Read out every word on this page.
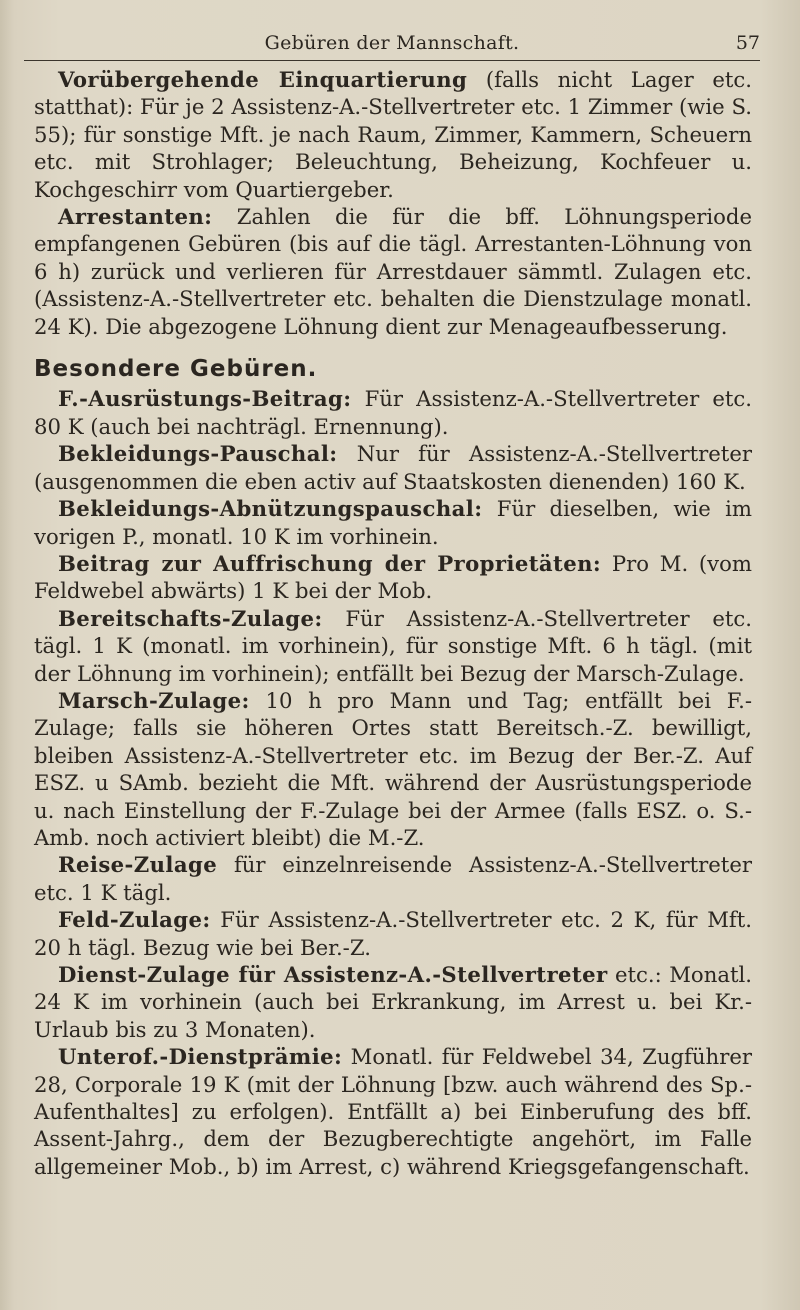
Gebüren der Mannschaft.	57

Vorübergehende Einquartierung (falls nicht Lager etc. statthat): Für je 2 Assistenz-A.-Stellvertreter etc. 1 Zimmer (wie S. 55); für sonstige Mft. je nach Raum, Zimmer, Kammern, Scheuern etc. mit Strohlager; Beleuchtung, Beheizung, Kochfeuer u. Kochgeschirr vom Quartiergeber.

Arrestanten: Zahlen die für die bff. Löhnungsperiode empfangenen Gebüren (bis auf die tägl. Arrestanten-Löhnung von 6 h) zurück und verlieren für Arrestdauer sämmtl. Zulagen etc. (Assistenz-A.-Stellvertreter etc. behalten die Dienstzulage monatl. 24 K). Die abgezogene Löhnung dient zur Menageaufbesserung.

Besondere Gebüren.

F.-Ausrüstungs-Beitrag: Für Assistenz-A.-Stellvertreter etc. 80 K (auch bei nachträgl. Ernennung).

Bekleidungs-Pauschal: Nur für Assistenz-A.-Stellvertreter (ausgenommen die eben activ auf Staatskosten dienenden) 160 K.

Bekleidungs-Abnützungspauschal: Für dieselben, wie im vorigen P., monatl. 10 K im vorhinein.

Beitrag zur Auffrischung der Proprietäten: Pro M. (vom Feldwebel abwärts) 1 K bei der Mob.

Bereitschafts-Zulage: Für Assistenz-A.-Stellvertreter etc. tägl. 1 K (monatl. im vorhinein), für sonstige Mft. 6 h tägl. (mit der Löhnung im vorhinein); entfällt bei Bezug der Marsch-Zulage.

Marsch-Zulage: 10 h pro Mann und Tag; entfällt bei F.-Zulage; falls sie höheren Ortes statt Bereitsch.-Z. bewilligt, bleiben Assistenz-A.-Stellvertreter etc. im Bezug der Ber.-Z. Auf ESZ. u SAmb. bezieht die Mft. während der Ausrüstungsperiode u. nach Einstellung der F.-Zulage bei der Armee (falls ESZ. o. S.-Amb. noch activiert bleibt) die M.-Z.

Reise-Zulage für einzelnreisende Assistenz-A.-Stellvertreter etc. 1 K tägl.

Feld-Zulage: Für Assistenz-A.-Stellvertreter etc. 2 K, für Mft. 20 h tägl. Bezug wie bei Ber.-Z.

Dienst-Zulage für Assistenz-A.-Stellvertreter etc.: Monatl. 24 K im vorhinein (auch bei Erkrankung, im Arrest u. bei Kr.-Urlaub bis zu 3 Monaten).

Unterof.-Dienstprämie: Monatl. für Feldwebel 34, Zugführer 28, Corporale 19 K (mit der Löhnung [bzw. auch während des Sp.-Aufenthaltes] zu erfolgen). Entfällt a) bei Einberufung des bff. Assent-Jahrg., dem der Bezugberechtigte angehört, im Falle allgemeiner Mob., b) im Arrest, c) während Kriegsgefangenschaft.
